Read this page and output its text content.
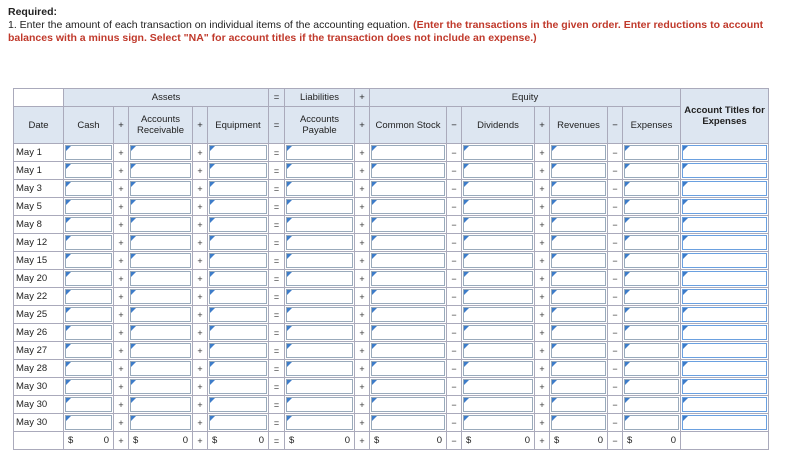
Required:
1. Enter the amount of each transaction on individual items of the accounting equation. (Enter the transactions in the given order. Enter reductions to account balances with a minus sign. Select "NA" for account titles if the transaction does not include an expense.)
	Assets					=	Liabilities	+	Equity							Account Titles for Expenses
Date	Cash	+	Accounts Receivable	+	Equipment	=	Accounts Payable	+	Common Stock	−	Dividends	+	Revenues	−	Expenses	
May 1		+		+		=		+		−		+		−	

May 1		+		+		=		+		−		+		−	

May 3		+		+		=		+		−		+		−	

May 5		+		+		=		+		−		+		−	

May 8		+		+		=		+		−		+		−	

May 12		+		+		=		+		−		+		−	

May 15		+		+		=		+		−		+		−	

May 20		+		+		=		+		−		+		−	

May 22		+		+		=		+		−		+		−	

May 25		+		+		=		+		−		+		−	

May 26		+		+		=		+		−		+		−	

May 27		+		+		=		+		−		+		−	

May 28		+		+		=		+		−		+		−	

May 30		+		+		=		+		−		+		−	

May 30		+		+		=		+		−		+		−	

May 30		+		+		=		+		−		+		−	

	$ 0	+	$ 0	+	$ 0	=	$ 0	+	$ 0	−	$ 0	+	$ 0	−	$ 0	
